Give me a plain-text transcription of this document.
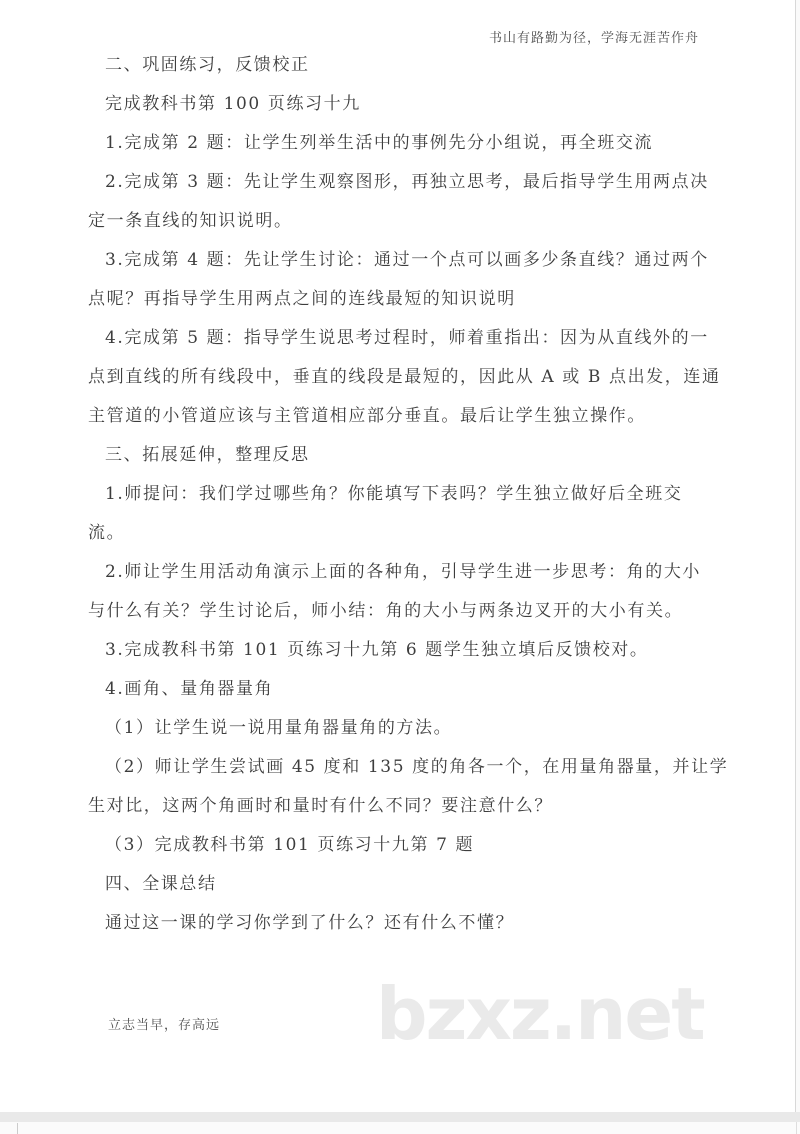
书山有路勤为径，学海无涯苦作舟
二、巩固练习，反馈校正
完成教科书第 100 页练习十九
1.完成第 2 题：让学生列举生活中的事例先分小组说，再全班交流
2.完成第 3 题：先让学生观察图形，再独立思考，最后指导学生用两点决
定一条直线的知识说明。
3.完成第 4 题：先让学生讨论：通过一个点可以画多少条直线？通过两个
点呢？再指导学生用两点之间的连线最短的知识说明
4.完成第 5 题：指导学生说思考过程时，师着重指出：因为从直线外的一
点到直线的所有线段中，垂直的线段是最短的，因此从 A 或 B 点出发，连通
主管道的小管道应该与主管道相应部分垂直。最后让学生独立操作。
三、拓展延伸，整理反思
1.师提问：我们学过哪些角？你能填写下表吗？学生独立做好后全班交
流。
2.师让学生用活动角演示上面的各种角，引导学生进一步思考：角的大小
与什么有关？学生讨论后，师小结：角的大小与两条边叉开的大小有关。
3.完成教科书第 101 页练习十九第 6 题学生独立填后反馈校对。
4.画角、量角器量角
（1）让学生说一说用量角器量角的方法。
（2）师让学生尝试画 45 度和 135 度的角各一个，在用量角器量，并让学
生对比，这两个角画时和量时有什么不同？要注意什么？
（3）完成教科书第 101 页练习十九第 7 题
四、全课总结
通过这一课的学习你学到了什么？还有什么不懂？
bzxz.net
立志当早，存高远
